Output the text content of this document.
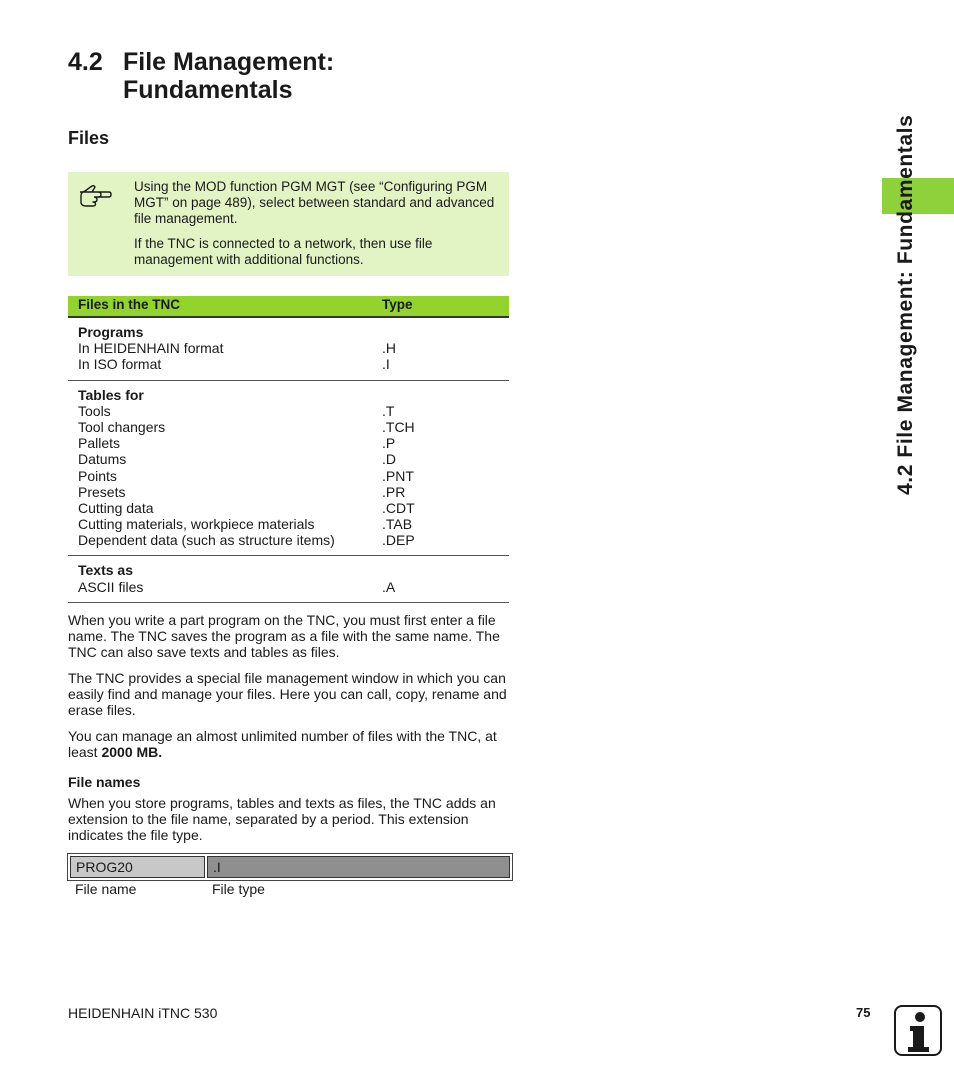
4.2 File Management:
Fundamentals
Files

Using the MOD function PGM MGT (see “Configuring PGM MGT” on page 489), select between standard and advanced file management.

If the TNC is connected to a network, then use file management with additional functions.

Files in the TNC	Type
Programs
In HEIDENHAIN format	.H
In ISO format	.I
Tables for
Tools	.T
Tool changers	.TCH
Pallets	.P
Datums	.D
Points	.PNT
Presets	.PR
Cutting data	.CDT
Cutting materials, workpiece materials	.TAB
Dependent data (such as structure items)	.DEP
Texts as
ASCII files	.A

When you write a part program on the TNC, you must first enter a file name. The TNC saves the program as a file with the same name. The TNC can also save texts and tables as files.

The TNC provides a special file management window in which you can easily find and manage your files. Here you can call, copy, rename and erase files.

You can manage an almost unlimited number of files with the TNC, at least 2000 MB.

File names

When you store programs, tables and texts as files, the TNC adds an extension to the file name, separated by a period. This extension indicates the file type.

PROG20	.I
File name	File type
4.2 File Management: Fundamentals
HEIDENHAIN iTNC 530	75
